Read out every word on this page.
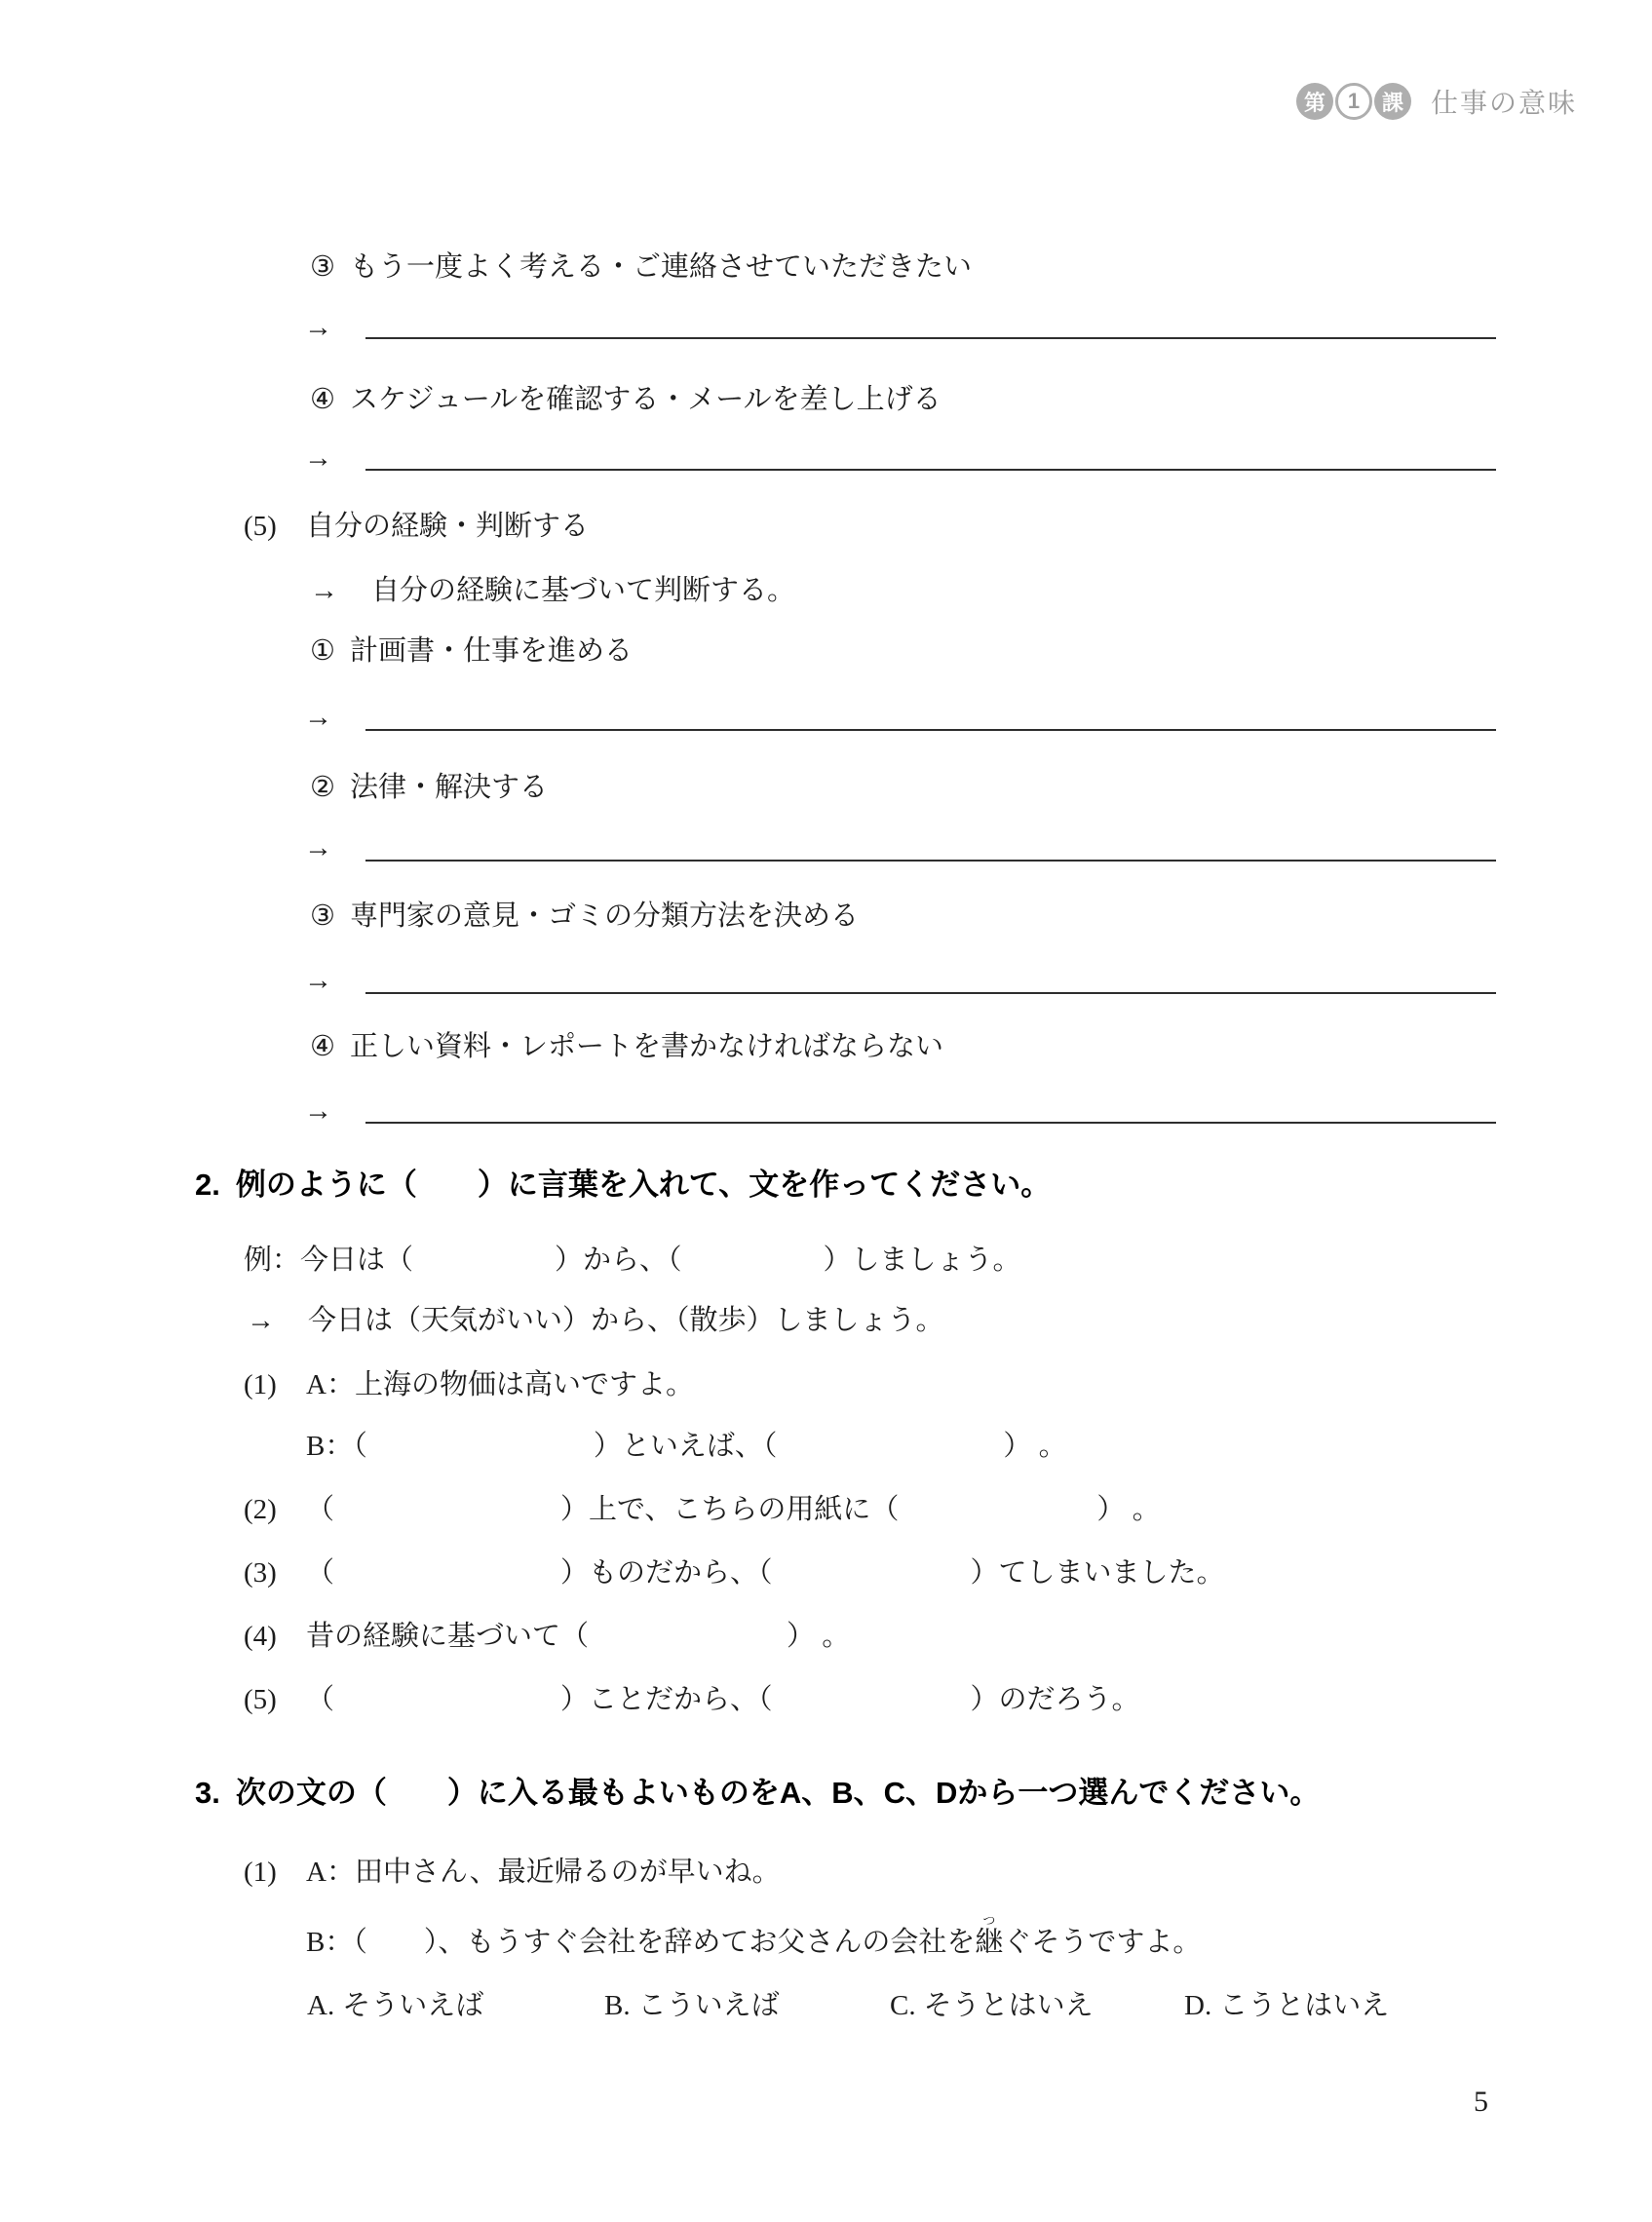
第	1	課 仕事の意味
③ もう一度よく考える・ご連絡させていただきたい
→
④ スケジュールを確認する・メールを差し上げる
→
(5) 自分の経験・判断する
→ 自分の経験に基づいて判断する。
① 計画書・仕事を進める
→
② 法律・解決する
→
③ 専門家の意見・ゴミの分類方法を決める
→
④ 正しい資料・レポートを書かなければならない
→
2. 例のように（　　）に言葉を入れて、文を作ってください。
例：今日は（　　　　　）から、（　　　　　）しましょう。
→ 今日は（天気がいい）から、（散歩）しましょう。
(1) A：上海の物価は高いですよ。
B：（　　　　　　　　）といえば、（　　　　　　　　） 。
(2) （　　　　　　　　）上で、こちらの用紙に（　　　　　　　） 。
(3) （　　　　　　　　）ものだから、（　　　　　　　）てしまいました。
(4) 昔の経験に基づいて（　　　　　　　） 。
(5) （　　　　　　　　）ことだから、（　　　　　　　）のだろう。
3. 次の文の（　　）に入る最もよいものをA、B、C、Dから一つ選んでください。
(1) A：田中さん、最近帰るのが早いね。
B：（　　）、もうすぐ会社を辞めてお父さんの会社を継つぐそうですよ。
A. そういえば	B. こういえば	C. そうとはいえ	D. こうとはいえ
5
